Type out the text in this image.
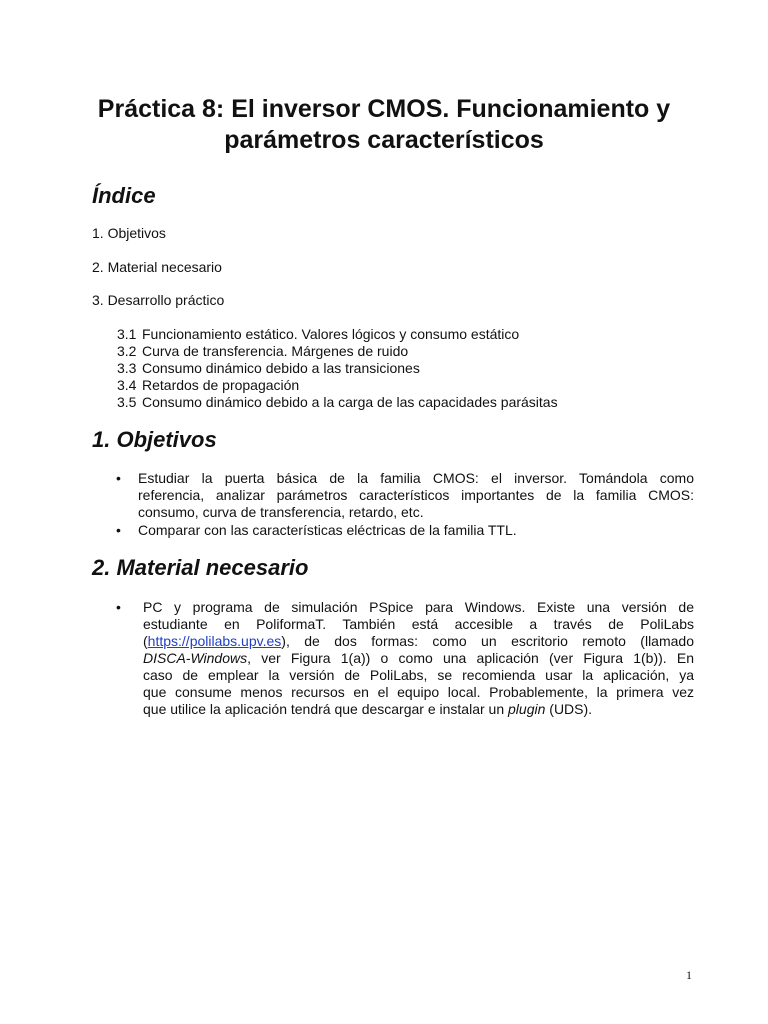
Práctica 8: El inversor CMOS. Funcionamiento y
parámetros característicos
Índice
1. Objetivos
2. Material necesario
3. Desarrollo práctico
3.1 Funcionamiento estático. Valores lógicos y consumo estático
3.2 Curva de transferencia. Márgenes de ruido
3.3 Consumo dinámico debido a las transiciones
3.4 Retardos de propagación
3.5 Consumo dinámico debido a la carga de las capacidades parásitas
1. Objetivos
• Estudiar la puerta básica de la familia CMOS: el inversor. Tomándola como
referencia, analizar parámetros característicos importantes de la familia CMOS:
consumo, curva de transferencia, retardo, etc.
• Comparar con las características eléctricas de la familia TTL.
2. Material necesario
• PC y programa de simulación PSpice para Windows. Existe una versión de
estudiante en PoliformaT. También está accesible a través de PoliLabs
(https://polilabs.upv.es), de dos formas: como un escritorio remoto (llamado
DISCA-Windows, ver Figura 1(a)) o como una aplicación (ver Figura 1(b)). En
caso de emplear la versión de PoliLabs, se recomienda usar la aplicación, ya
que consume menos recursos en el equipo local. Probablemente, la primera vez
que utilice la aplicación tendrá que descargar e instalar un plugin (UDS).
1
